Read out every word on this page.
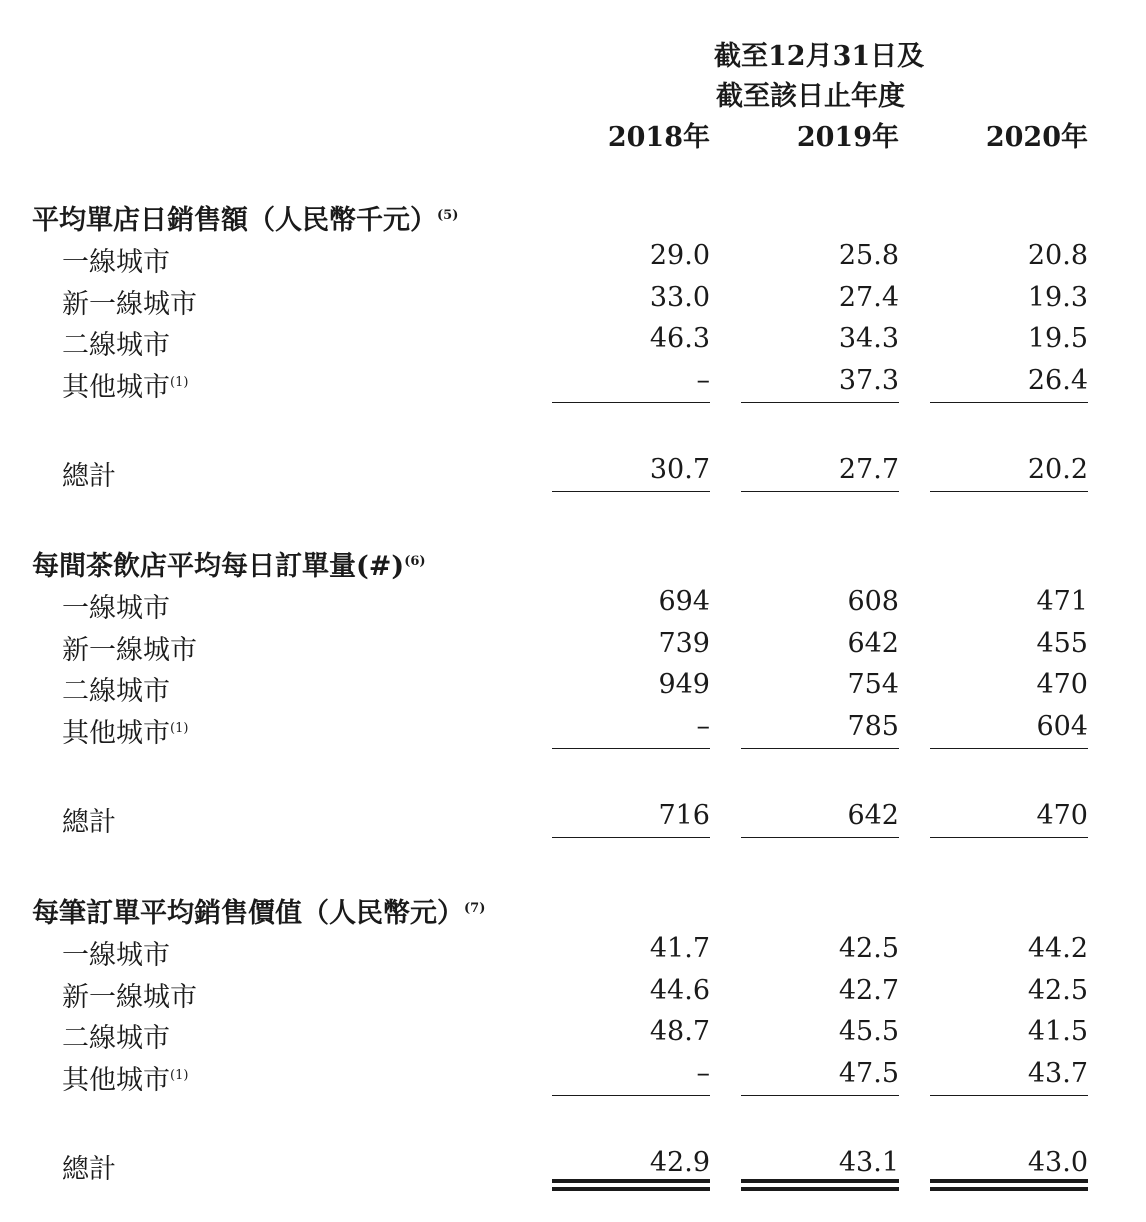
截至12月31日及
截至該日止年度
2018年	2019年	2020年
平均單店日銷售額（人民幣千元）$^{(5)}$
一線城市	29.0	25.8	20.8
新一線城市	33.0	27.4	19.3
二線城市	46.3	34.3	19.5
其他城市$^{(1)}$	–	37.3	26.4
總計	30.7	27.7	20.2
每間茶飲店平均每日訂單量(#)$^{(6)}$
一線城市	694	608	471
新一線城市	739	642	455
二線城市	949	754	470
其他城市$^{(1)}$	–	785	604
總計	716	642	470
每筆訂單平均銷售價值（人民幣元）$^{(7)}$
一線城市	41.7	42.5	44.2
新一線城市	44.6	42.7	42.5
二線城市	48.7	45.5	41.5
其他城市$^{(1)}$	–	47.5	43.7
總計	42.9	43.1	43.0
